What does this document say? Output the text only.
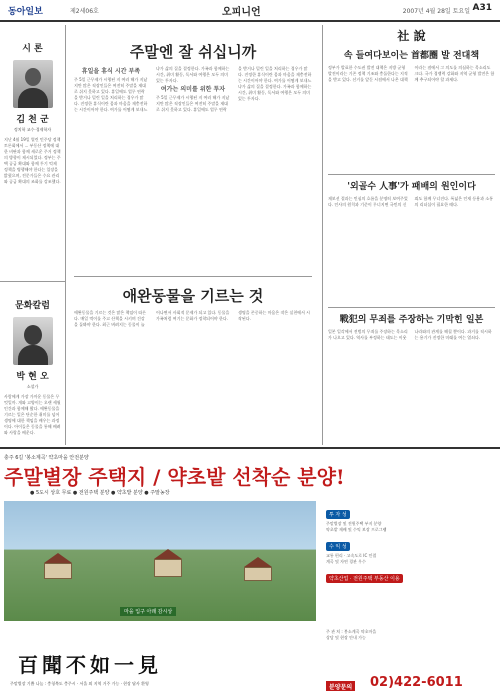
동아일보	제2세06호	오피니언	2007년 4월 28일 토요일 A31
시 론
김 천 군
정치학 교수·경제학자
지난 4월 19일 열린 민주당 정책 토론회에서 ... 부동산 정책에 대한 비판과 함께 새로운 주거 정책의 방향이 제시되었다. 정부는 주택 공급 확대와 함께 투기 억제 정책을 병행해야 한다는 입장을 밝혔으며, 전문가들은 수요 관리와 공급 확대의 조화를 강조했다.
문화칼럼
박 현 오
소설가
사람에게 가장 가까운 동물은 무엇일까. 개와 고양이는 오랜 세월 인간과 함께해 왔다. 애완동물을 기르는 일은 단순한 취미를 넘어 생명에 대한 책임을 배우는 과정이다. 아이들은 동물을 통해 배려와 사랑을 배운다.
주말엔 잘 쉬십니까
휴일을 휴식 시간 부족
주 5일 근무제가 시행된 지 여러 해가 지났지만 많은 직장인들은 여전히 주말을 제대로 쉬지 못하고 있다. 휴일에도 업무 연락을 받거나 밀린 일을 처리하는 경우가 많다. 진정한 휴식이란 몸과 마음을 재충전하는 시간이어야 한다. 여가를 어떻게 보내느냐가 삶의 질을 결정한다. 가족과 함께하는 시간, 취미 활동, 독서와 여행은 모두 의미 있는 투자다.
여가는 의미를 위한 투자
주 5일 근무제가 시행된 지 여러 해가 지났지만 많은 직장인들은 여전히 주말을 제대로 쉬지 못하고 있다. 휴일에도 업무 연락을 받거나 밀린 일을 처리하는 경우가 많다. 진정한 휴식이란 몸과 마음을 재충전하는 시간이어야 한다. 여가를 어떻게 보내느냐가 삶의 질을 결정한다. 가족과 함께하는 시간, 취미 활동, 독서와 여행은 모두 의미 있는 투자다.
애완동물을 기르는 것
애완동물을 기르는 것은 많은 책임이 따른다. 매일 먹이를 주고 산책을 시키며 건강을 돌봐야 한다. 최근 버려지는 동물이 늘어나면서 사회적 문제가 되고 있다. 동물을 가족처럼 여기는 문화가 정착되어야 한다. 생명을 존중하는 마음은 작은 실천에서 시작된다.
社 說
속 들여다보이는 首都圈 발 전대책
정부가 발표한 수도권 발전 대책은 지방 균형 발전이라는 기존 정책 기조와 충돌한다는 지적을 받고 있다. 선거를 앞둔 시점에서 나온 대책이라는 점에서 그 의도를 의심하는 목소리도 크다. 국가 경쟁력 강화와 지역 균형 발전은 함께 추구되어야 할 과제다.
'외골수 人事'가 패배의 원인이다
재보선 결과는 민심의 흐름을 분명히 보여주었다. 인사의 원칙과 기준이 무너지면 국민의 신뢰도 함께 무너진다. 폭넓은 인재 등용과 소통의 리더십이 필요한 때다.
戰犯의 무죄를 주장하는 기막힌 일본
일본 일각에서 전범의 무죄를 주장하는 목소리가 나오고 있다. 역사를 부정하는 태도는 이웃 나라와의 관계를 해칠 뿐이다. 과거를 직시하는 용기가 진정한 미래를 여는 열쇠다.
충주 6길 '봉소계곡' 약초마을 안전분양
주말별장 주택지 / 약초밭 선착순 분양!
● 5도시 상호 무료 ● 전원주택 분양 ● 약초밭 분양 ● 주말농장
마을 입구 아래 감시상
百聞不如一見
주말별장 기쁨 나눔 : 충청북도 충주시 · 서울 외 지역 거주 가능 · 현장 답사 환영
투 자 성
주말별장 및 전원주택 부지 분양
약초밭 재배 및 수익 보장 프로그램
수 익 성
교통 편리 · 고속도로 IC 인접
계곡 및 자연 경관 우수
약초산업 · 전원주택 부동산 이용
주 관 처 : 봉소계곡 약초마을
상담 및 현장 안내 가능
분양문의 02)422-6011
